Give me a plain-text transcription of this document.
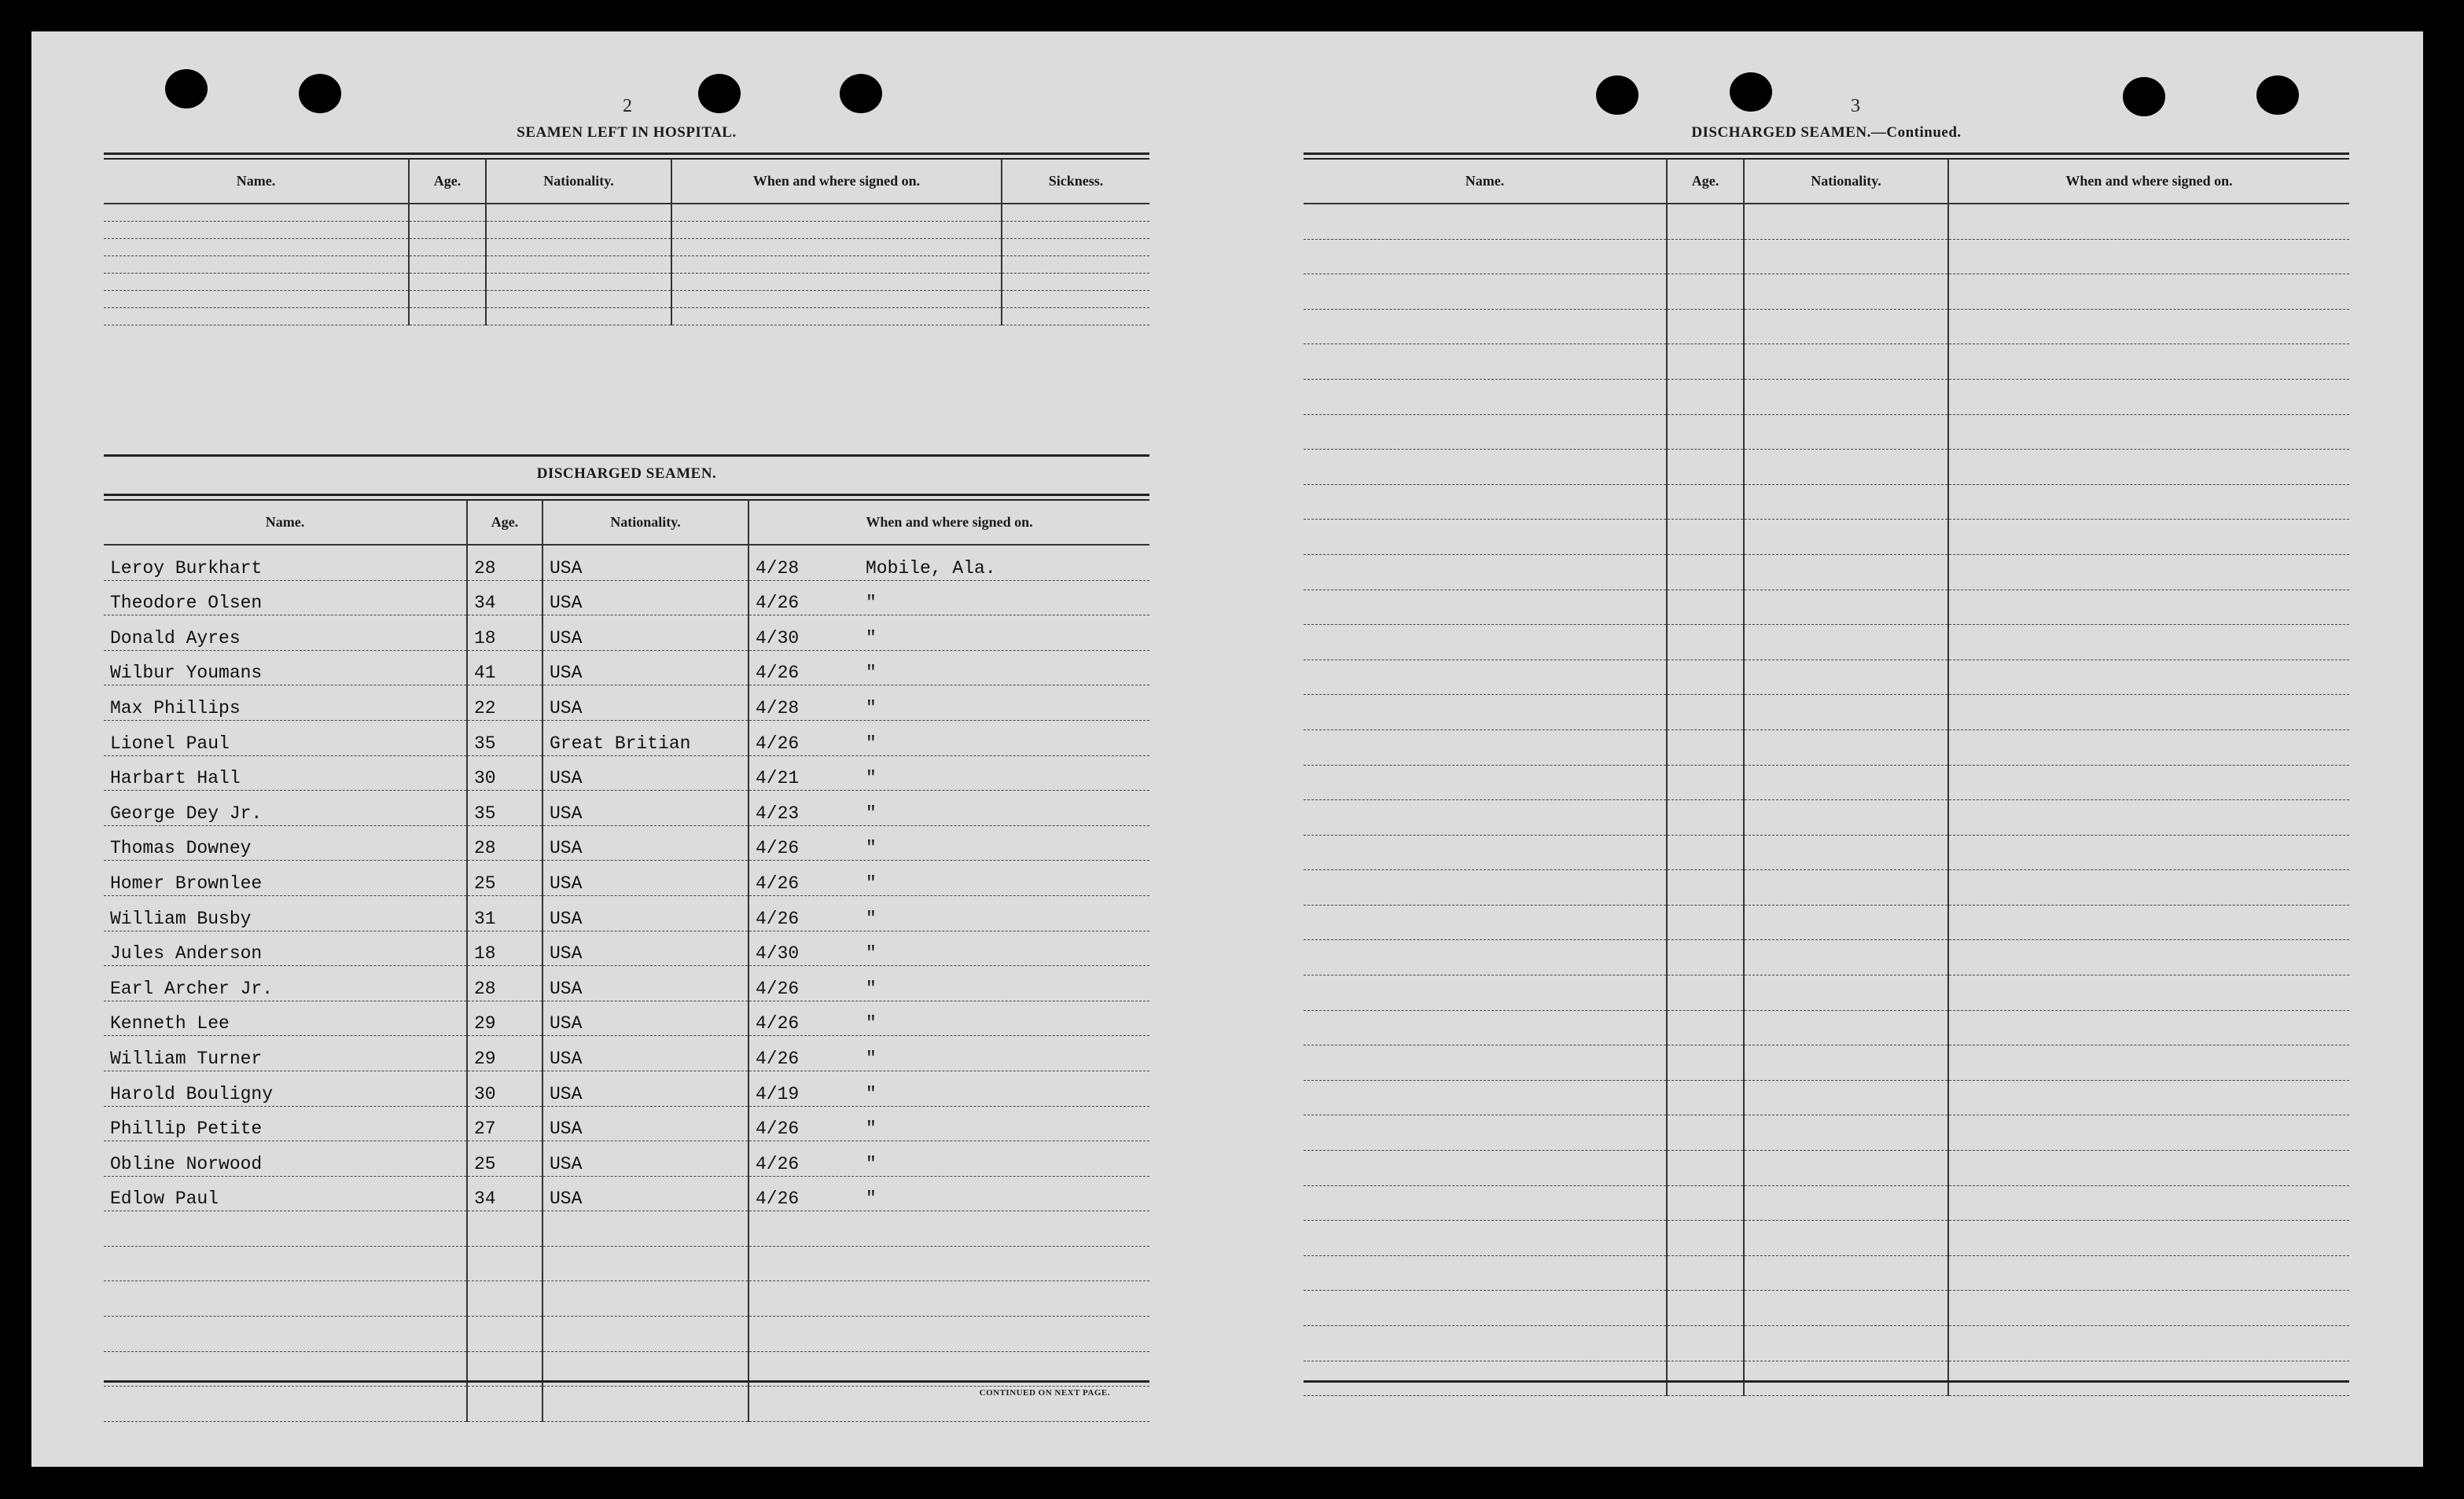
2
SEAMEN LEFT IN HOSPITAL.
Name.	Age.	Nationality.	When and where signed on.	Sickness.

DISCHARGED SEAMEN.
Name.	Age.	Nationality.	When and where signed on.
Leroy Burkhart	28	USA	4/28 Mobile, Ala.
Theodore Olsen	34	USA	4/26 "
Donald Ayres	18	USA	4/30 "
Wilbur Youmans	41	USA	4/26 "
Max Phillips	22	USA	4/28 "
Lionel Paul	35	Great Britian	4/26 "
Harbart Hall	30	USA	4/21 "
George Dey Jr.	35	USA	4/23 "
Thomas Downey	28	USA	4/26 "
Homer Brownlee	25	USA	4/26 "
William Busby	31	USA	4/26 "
Jules Anderson	18	USA	4/30 "
Earl Archer Jr.	28	USA	4/26 "
Kenneth Lee	29	USA	4/26 "
William Turner	29	USA	4/26 "
Harold Bouligny	30	USA	4/19 "
Phillip Petite	27	USA	4/26 "
Obline Norwood	25	USA	4/26 "
Edlow Paul	34	USA	4/26 "

CONTINUED ON NEXT PAGE.
3
DISCHARGED SEAMEN.—Continued.
Name.	Age.	Nationality.	When and where signed on.
